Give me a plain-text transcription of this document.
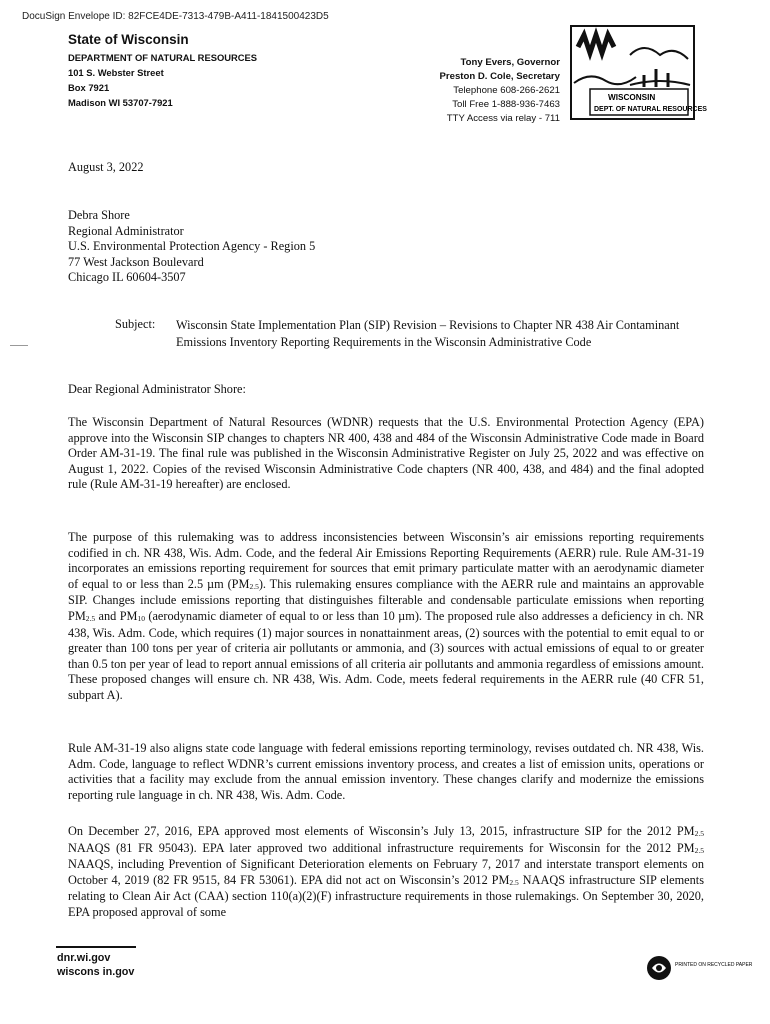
DocuSign Envelope ID: 82FCE4DE-7313-479B-A411-1841500423D5
State of Wisconsin
DEPARTMENT OF NATURAL RESOURCES
101 S. Webster Street
Box 7921
Madison WI 53707-7921
Tony Evers, Governor
Preston D. Cole, Secretary
Telephone 608-266-2621
Toll Free 1-888-936-7463
TTY Access via relay - 711
WISCONSIN
DEPT. OF NATURAL RESOURCES
August 3, 2022
Debra Shore
Regional Administrator
U.S. Environmental Protection Agency - Region 5
77 West Jackson Boulevard
Chicago IL 60604-3507
Subject: Wisconsin State Implementation Plan (SIP) Revision – Revisions to Chapter NR 438 Air Contaminant Emissions Inventory Reporting Requirements in the Wisconsin Administrative Code
Dear Regional Administrator Shore:
The Wisconsin Department of Natural Resources (WDNR) requests that the U.S. Environmental Protection Agency (EPA) approve into the Wisconsin SIP changes to chapters NR 400, 438 and 484 of the Wisconsin Administrative Code made in Board Order AM-31-19. The final rule was published in the Wisconsin Administrative Register on July 25, 2022 and was effective on August 1, 2022. Copies of the revised Wisconsin Administrative Code chapters (NR 400, 438, and 484) and the final adopted rule (Rule AM-31-19 hereafter) are enclosed.
The purpose of this rulemaking was to address inconsistencies between Wisconsin’s air emissions reporting requirements codified in ch. NR 438, Wis. Adm. Code, and the federal Air Emissions Reporting Requirements (AERR) rule. Rule AM-31-19 incorporates an emissions reporting requirement for sources that emit primary particulate matter with an aerodynamic diameter of equal to or less than 2.5 µm $(PM_{2.5})$. This rulemaking ensures compliance with the AERR rule and maintains an approvable SIP. Changes include emissions reporting that distinguishes filterable and condensable particulate emissions when reporting $PM_{2.5}$ and $PM_{10}$ (aerodynamic diameter of equal to or less than 10 µm). The proposed rule also addresses a deficiency in ch. NR 438, Wis. Adm. Code, which requires (1) major sources in nonattainment areas, (2) sources with the potential to emit equal to or greater than 100 tons per year of criteria air pollutants or ammonia, and (3) sources with actual emissions of equal to or greater than 0.5 ton per year of lead to report annual emissions of all criteria air pollutants and ammonia regardless of emissions amount. These proposed changes will ensure ch. NR 438, Wis. Adm. Code, meets federal requirements in the AERR rule (40 CFR 51, subpart A).
Rule AM-31-19 also aligns state code language with federal emissions reporting terminology, revises outdated ch. NR 438, Wis. Adm. Code, language to reflect WDNR’s current emissions inventory process, and creates a list of emission units, operations or activities that a facility may exclude from the annual emission inventory. These changes clarify and modernize the emissions reporting rule language in ch. NR 438, Wis. Adm. Code.
On December 27, 2016, EPA approved most elements of Wisconsin’s July 13, 2015, infrastructure SIP for the 2012 $PM_{2.5}$ NAAQS (81 FR 95043). EPA later approved two additional infrastructure requirements for Wisconsin for the 2012 $PM_{2.5}$ NAAQS, including Prevention of Significant Deterioration elements on February 7, 2017 and interstate transport elements on October 4, 2019 (82 FR 9515, 84 FR 53061). EPA did not act on Wisconsin’s 2012 $PM_{2.5}$ NAAQS infrastructure SIP elements relating to Clean Air Act (CAA) section 110(a)(2)(F) infrastructure requirements in those rulemakings. On September 30, 2020, EPA proposed approval of some
dnr.wi.gov
wiscons in.gov
PRINTED ON RECYCLED PAPER
